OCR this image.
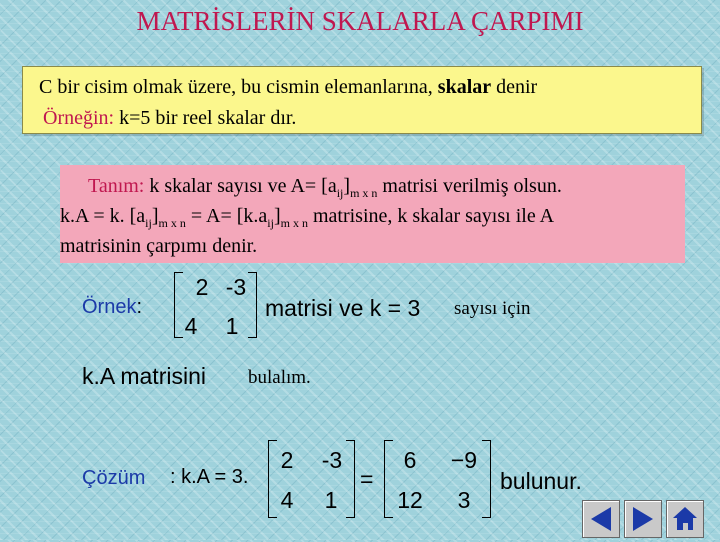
MATRİSLERİN SKALARLA ÇARPIMI
C bir cisim olmak üzere, bu cismin elemanlarına, skalar denir
Örneğin: k=5 bir reel skalar dır.
Tanım: k skalar sayısı ve $A= [a_{ij}]_{m x n}$ matrisi verilmiş olsun.
k.A = k. $[a_{ij}]_{m x n} = A= [k.a_{ij}]_{m x n}$ matrisine, k skalar sayısı ile A
matrisinin çarpımı denir.
Örnek:
2 -3
4	1
matrisi ve k = 3 sayısı için
k.A matrisini bulalım.
Çözüm : k.A = 3.
2	-3
4	1
=
6	−9
12	3
bulunur.
